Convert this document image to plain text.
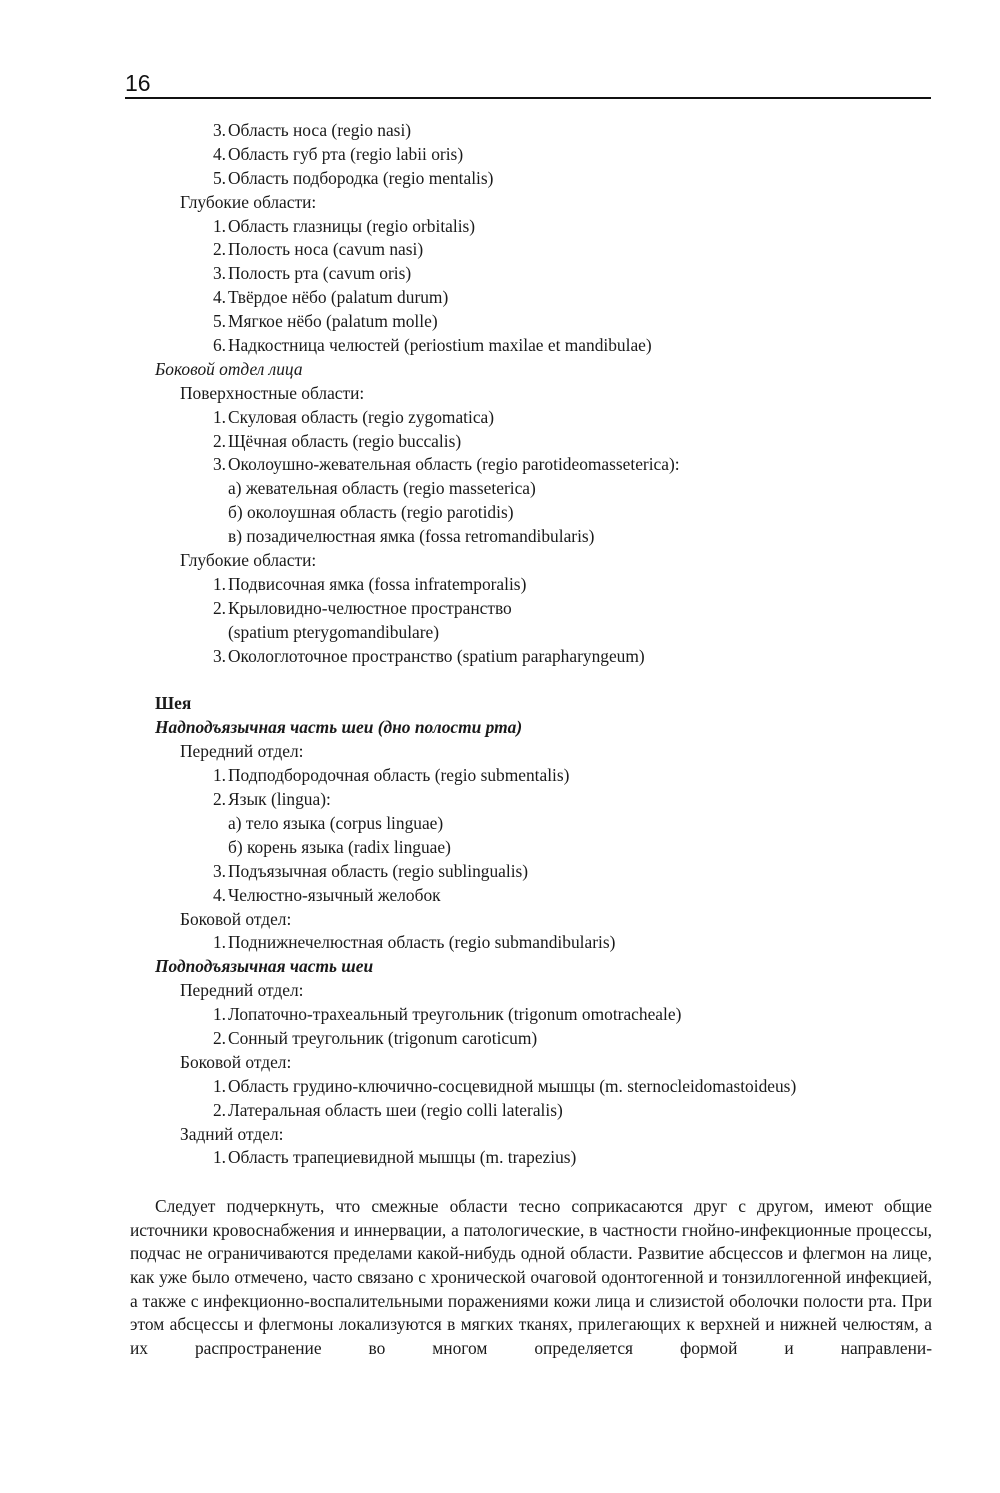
16
3. Область носа (regio nasi)
4. Область губ рта (regio labii oris)
5. Область подбородка (regio mentalis)
Глубокие области:
1. Область глазницы (regio orbitalis)
2. Полость носа (cavum nasi)
3. Полость рта (cavum oris)
4. Твёрдое нёбо (palatum durum)
5. Мягкое нёбо (palatum molle)
6. Надкостница челюстей (periostium maxilae et mandibulae)
Боковой отдел лица
Поверхностные области:
1. Скуловая область (regio zygomatica)
2. Щёчная область (regio buccalis)
3. Околоушно-жевательная область (regio parotideomasseterica):
а) жевательная область (regio masseterica)
б) околоушная область (regio parotidis)
в) позадичелюстная ямка (fossa retromandibularis)
Глубокие области:
1. Подвисочная ямка (fossa infratemporalis)
2. Крыловидно-челюстное пространство
(spatium pterygomandibulare)
3. Окологлоточное пространство (spatium parapharyngeum)
Шея
Надподъязычная часть шеи (дно полости рта)
Передний отдел:
1. Подподбородочная область (regio submentalis)
2. Язык (lingua):
а) тело языка (corpus linguae)
б) корень языка (radix linguae)
3. Подъязычная область (regio sublingualis)
4. Челюстно-язычный желобок
Боковой отдел:
1. Поднижнечелюстная область (regio submandibularis)
Подподъязычная часть шеи
Передний отдел:
1. Лопаточно-трахеальный треугольник (trigonum omotracheale)
2. Сонный треугольник (trigonum caroticum)
Боковой отдел:
1. Область грудино-ключично-сосцевидной мышцы (m. sternocleidomastoideus)
2. Латеральная область шеи (regio colli lateralis)
Задний отдел:
1. Область трапециевидной мышцы (m. trapezius)

Следует подчеркнуть, что смежные области тесно соприкасаются друг с другом, имеют общие источники кровоснабжения и иннервации, а патологические, в частности гнойно-инфекционные процессы, подчас не ограничиваются пределами какой-нибудь одной области. Развитие абсцессов и флегмон на лице, как уже было отмечено, часто связано с хронической очаговой одонтогенной и тонзиллогенной инфекцией, а также с инфекционно-воспалительными поражениями кожи лица и слизистой оболочки полости рта. При этом абсцессы и флегмоны локализуются в мягких тканях, прилегающих к верхней и нижней челюстям, а их распространение во многом определяется формой и направлени-
